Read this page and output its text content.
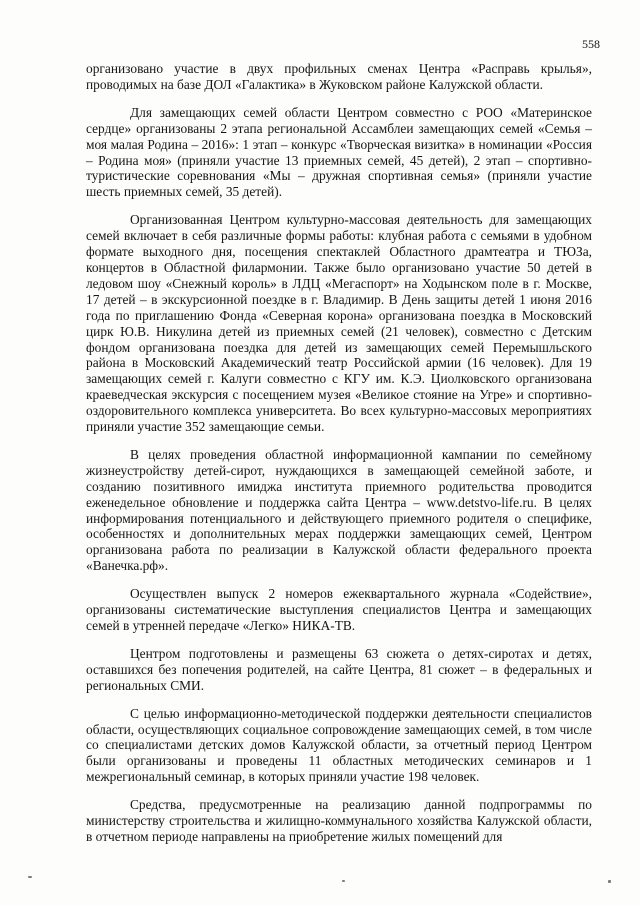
558

организовано участие в двух профильных сменах Центра «Расправь крылья», проводимых на базе ДОЛ «Галактика» в Жуковском районе Калужской области.

Для замещающих семей области Центром совместно с РОО «Материнское сердце» организованы 2 этапа региональной Ассамблеи замещающих семей «Семья – моя малая Родина – 2016»: 1 этап – конкурс «Творческая визитка» в номинации «Россия – Родина моя» (приняли участие 13 приемных семей, 45 детей), 2 этап – спортивно-туристические соревнования «Мы – дружная спортивная семья» (приняли участие шесть приемных семей, 35 детей).

Организованная Центром культурно-массовая деятельность для замещающих семей включает в себя различные формы работы: клубная работа с семьями в удобном формате выходного дня, посещения спектаклей Областного драмтеатра и ТЮЗа, концертов в Областной филармонии. Также было организовано участие 50 детей в ледовом шоу «Снежный король» в ЛДЦ «Мегаспорт» на Ходынском поле в г. Москве, 17 детей – в экскурсионной поездке в г. Владимир. В День защиты детей 1 июня 2016 года по приглашению Фонда «Северная корона» организована поездка в Московский цирк Ю.В. Никулина детей из приемных семей (21 человек), совместно с Детским фондом организована поездка для детей из замещающих семей Перемышльского района в Московский Академический театр Российской армии (16 человек). Для 19 замещающих семей г. Калуги совместно с КГУ им. К.Э. Циолковского организована краеведческая экскурсия с посещением музея «Великое стояние на Угре» и спортивно-оздоровительного комплекса университета. Во всех культурно-массовых мероприятиях приняли участие 352 замещающие семьи.

В целях проведения областной информационной кампании по семейному жизнеустройству детей-сирот, нуждающихся в замещающей семейной заботе, и созданию позитивного имиджа института приемного родительства проводится еженедельное обновление и поддержка сайта Центра – www.detstvo-life.ru. В целях информирования потенциального и действующего приемного родителя о специфике, особенностях и дополнительных мерах поддержки замещающих семей, Центром организована работа по реализации в Калужской области федерального проекта «Ванечка.рф».

Осуществлен выпуск 2 номеров ежеквартального журнала «Содействие», организованы систематические выступления специалистов Центра и замещающих семей в утренней передаче «Легко» НИКА-ТВ.

Центром подготовлены и размещены 63 сюжета о детях-сиротах и детях, оставшихся без попечения родителей, на сайте Центра, 81 сюжет – в федеральных и региональных СМИ.

С целью информационно-методической поддержки деятельности специалистов области, осуществляющих социальное сопровождение замещающих семей, в том числе со специалистами детских домов Калужской области, за отчетный период Центром были организованы и проведены 11 областных методических семинаров и 1 межрегиональный семинар, в которых приняли участие 198 человек.

Средства, предусмотренные на реализацию данной подпрограммы по министерству строительства и жилищно-коммунального хозяйства Калужской области, в отчетном периоде направлены на приобретение жилых помещений для
